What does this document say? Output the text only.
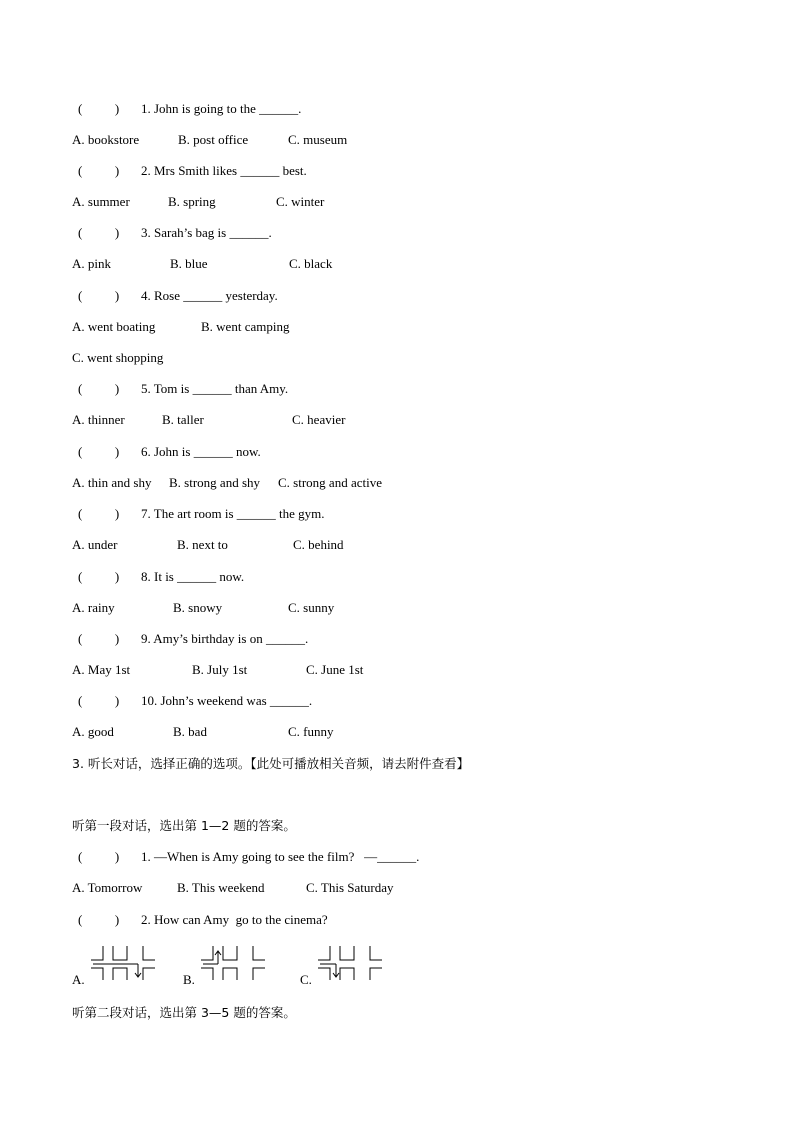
(          ) 1. John is going to the ______.
A. bookstore	B. post office	C. museum
(          ) 2. Mrs Smith likes ______ best.
A. summer	B. spring	C. winter
(          ) 3. Sarah’s bag is ______.
A. pink	B. blue	C. black
(          ) 4. Rose ______ yesterday.
A. went boating	B. went camping
C. went shopping
(          ) 5. Tom is ______ than Amy.
A. thinner	B. taller	C. heavier
(          ) 6. John is ______ now.
A. thin and shy B. strong and shy C. strong and active
(          ) 7. The art room is ______ the gym.
A. under	B. next to	C. behind
(          ) 8. It is ______ now.
A. rainy	B. snowy	C. sunny
(          ) 9. Amy’s birthday is on ______.
A. May 1st	B. July 1st	C. June 1st
(          ) 10. John’s weekend was ______.
A. good	B. bad	C. funny
3. 听长对话，选择正确的选项。【此处可播放相关音频，请去附件查看】
听第一段对话，选出第 1—2 题的答案。
(          ) 1. —When is Amy going to see the film?   —______.
A. Tomorrow	B. This weekend	C. This Saturday
(          ) 2. How can Amy  go to the cinema?
A.	B.	C.
听第二段对话，选出第 3—5 题的答案。
